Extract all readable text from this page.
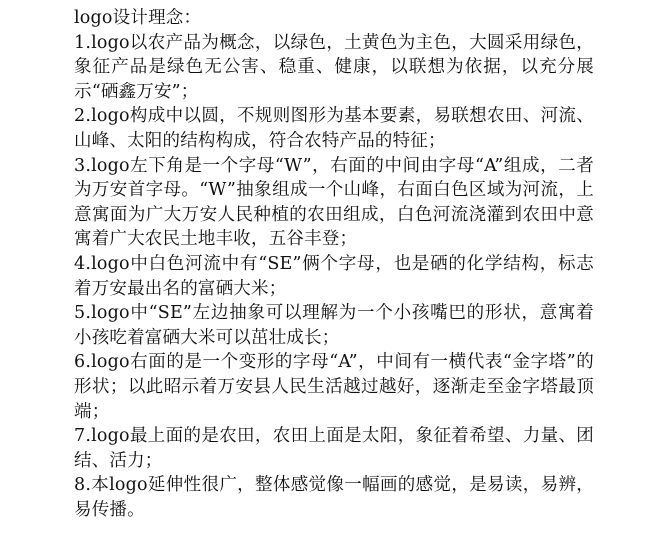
logo设计理念：

1.logo以农产品为概念，以绿色，土黄色为主色，大圆采用绿色，象征产品是绿色无公害、稳重、健康，以联想为依据，以充分展示“硒鑫万安”；

2.logo构成中以圆，不规则图形为基本要素，易联想农田、河流、山峰、太阳的结构构成，符合农特产品的特征；

3.logo左下角是一个字母“W”，右面的中间由字母“A”组成，二者为万安首字母。“W”抽象组成一个山峰，右面白色区域为河流，上意寓面为广大万安人民种植的农田组成，白色河流浇灌到农田中意寓着广大农民土地丰收，五谷丰登；

4.logo中白色河流中有“SE”俩个字母，也是硒的化学结构，标志着万安最出名的富硒大米；

5.logo中“SE”左边抽象可以理解为一个小孩嘴巴的形状，意寓着小孩吃着富硒大米可以茁壮成长；

6.logo右面的是一个变形的字母“A”，中间有一横代表“金字塔”的形状；以此昭示着万安县人民生活越过越好，逐渐走至金字塔最顶端；

7.logo最上面的是农田，农田上面是太阳，象征着希望、力量、团结、活力；

8.本logo延伸性很广，整体感觉像一幅画的感觉，是易读，易辨，易传播。
